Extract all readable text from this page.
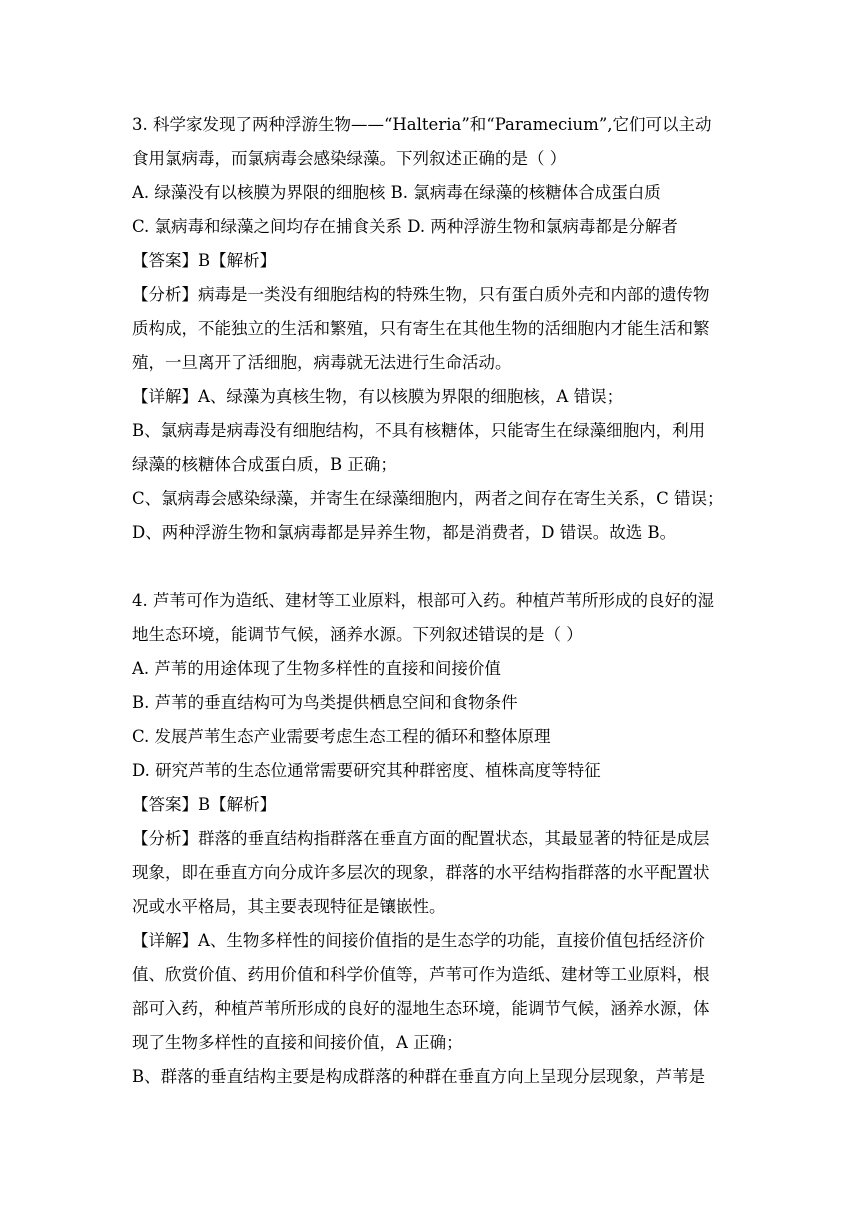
3. 科学家发现了两种浮游生物——“Halteria”和“Paramecium”,它们可以主动
食用氯病毒，而氯病毒会感染绿藻。下列叙述正确的是（ ）
A. 绿藻没有以核膜为界限的细胞核 B. 氯病毒在绿藻的核糖体合成蛋白质
C. 氯病毒和绿藻之间均存在捕食关系 D. 两种浮游生物和氯病毒都是分解者
【答案】B【解析】
【分析】病毒是一类没有细胞结构的特殊生物，只有蛋白质外壳和内部的遗传物
质构成，不能独立的生活和繁殖，只有寄生在其他生物的活细胞内才能生活和繁
殖，一旦离开了活细胞，病毒就无法进行生命活动。
【详解】A、绿藻为真核生物，有以核膜为界限的细胞核，A 错误；
B、氯病毒是病毒没有细胞结构，不具有核糖体，只能寄生在绿藻细胞内，利用
绿藻的核糖体合成蛋白质，B 正确；
C、氯病毒会感染绿藻，并寄生在绿藻细胞内，两者之间存在寄生关系，C 错误；
D、两种浮游生物和氯病毒都是异养生物，都是消费者，D 错误。故选 B。
4. 芦苇可作为造纸、建材等工业原料，根部可入药。种植芦苇所形成的良好的湿
地生态环境，能调节气候，涵养水源。下列叙述错误的是（ ）
A. 芦苇的用途体现了生物多样性的直接和间接价值
B. 芦苇的垂直结构可为鸟类提供栖息空间和食物条件
C. 发展芦苇生态产业需要考虑生态工程的循环和整体原理
D. 研究芦苇的生态位通常需要研究其种群密度、植株高度等特征
【答案】B【解析】
【分析】群落的垂直结构指群落在垂直方面的配置状态，其最显著的特征是成层
现象，即在垂直方向分成许多层次的现象，群落的水平结构指群落的水平配置状
况或水平格局，其主要表现特征是镶嵌性。
【详解】A、生物多样性的间接价值指的是生态学的功能，直接价值包括经济价
值、欣赏价值、药用价值和科学价值等，芦苇可作为造纸、建材等工业原料，根
部可入药，种植芦苇所形成的良好的湿地生态环境，能调节气候，涵养水源，体
现了生物多样性的直接和间接价值，A 正确；
B、群落的垂直结构主要是构成群落的种群在垂直方向上呈现分层现象，芦苇是
